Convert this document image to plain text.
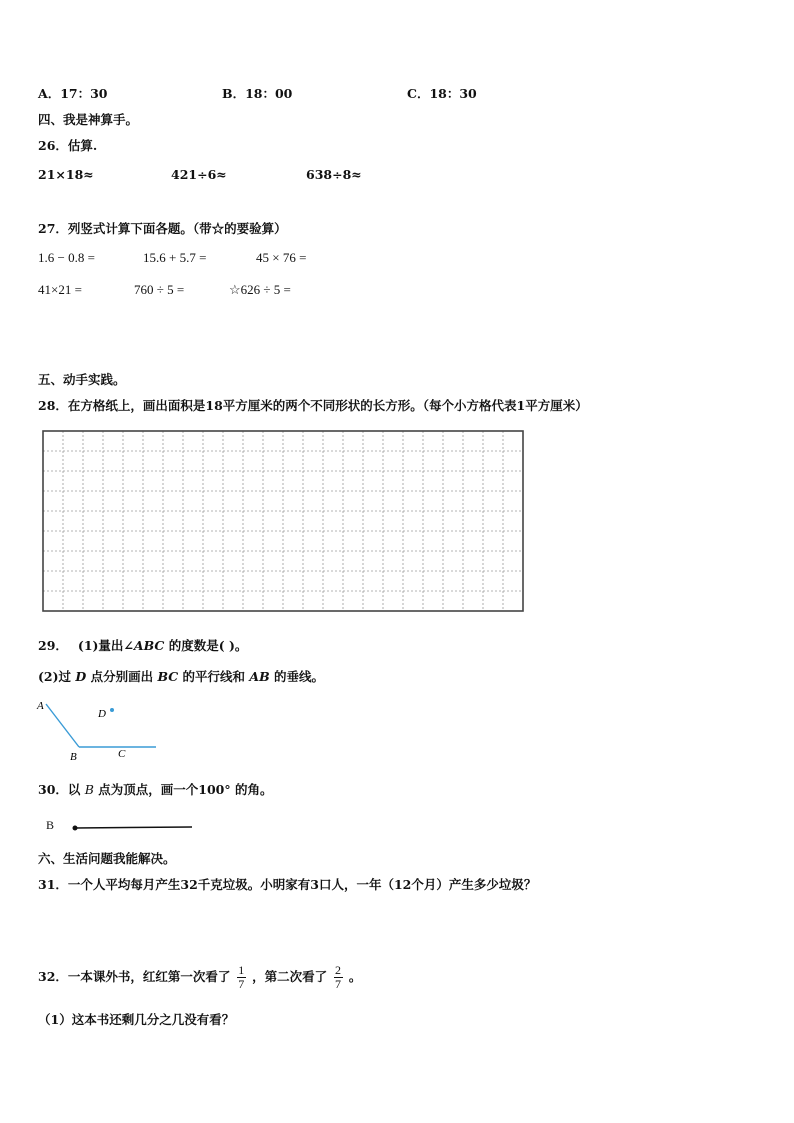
A．17：30	B．18：00	C．18：30
四、我是神算手。
26．估算.
21×18≈	421÷6≈	638÷8≈
27．列竖式计算下面各题。（带☆的要验算）
1.6 − 0.8 =	15.6 + 5.7 =	45 × 76 =
41×21 =	760 ÷ 5 =	☆626 ÷ 5 =
五、动手实践。
28．在方格纸上，画出面积是18平方厘米的两个不同形状的长方形。（每个小方格代表1平方厘米）
29． (1)量出∠ABC 的度数是( )。
(2)过 D 点分别画出 BC 的平行线和 AB 的垂线。
A
B	C
D
30．以 B 点为顶点，画一个100° 的角。
B
六、生活问题我能解决。
31．一个人平均每月产生32千克垃圾。小明家有3口人，一年（12个月）产生多少垃圾？
32．一本课外书，红红第一次看了 $\frac{1}{7}$ ，第二次看了 $\frac{2}{7}$ 。
（1）这本书还剩几分之几没有看？
